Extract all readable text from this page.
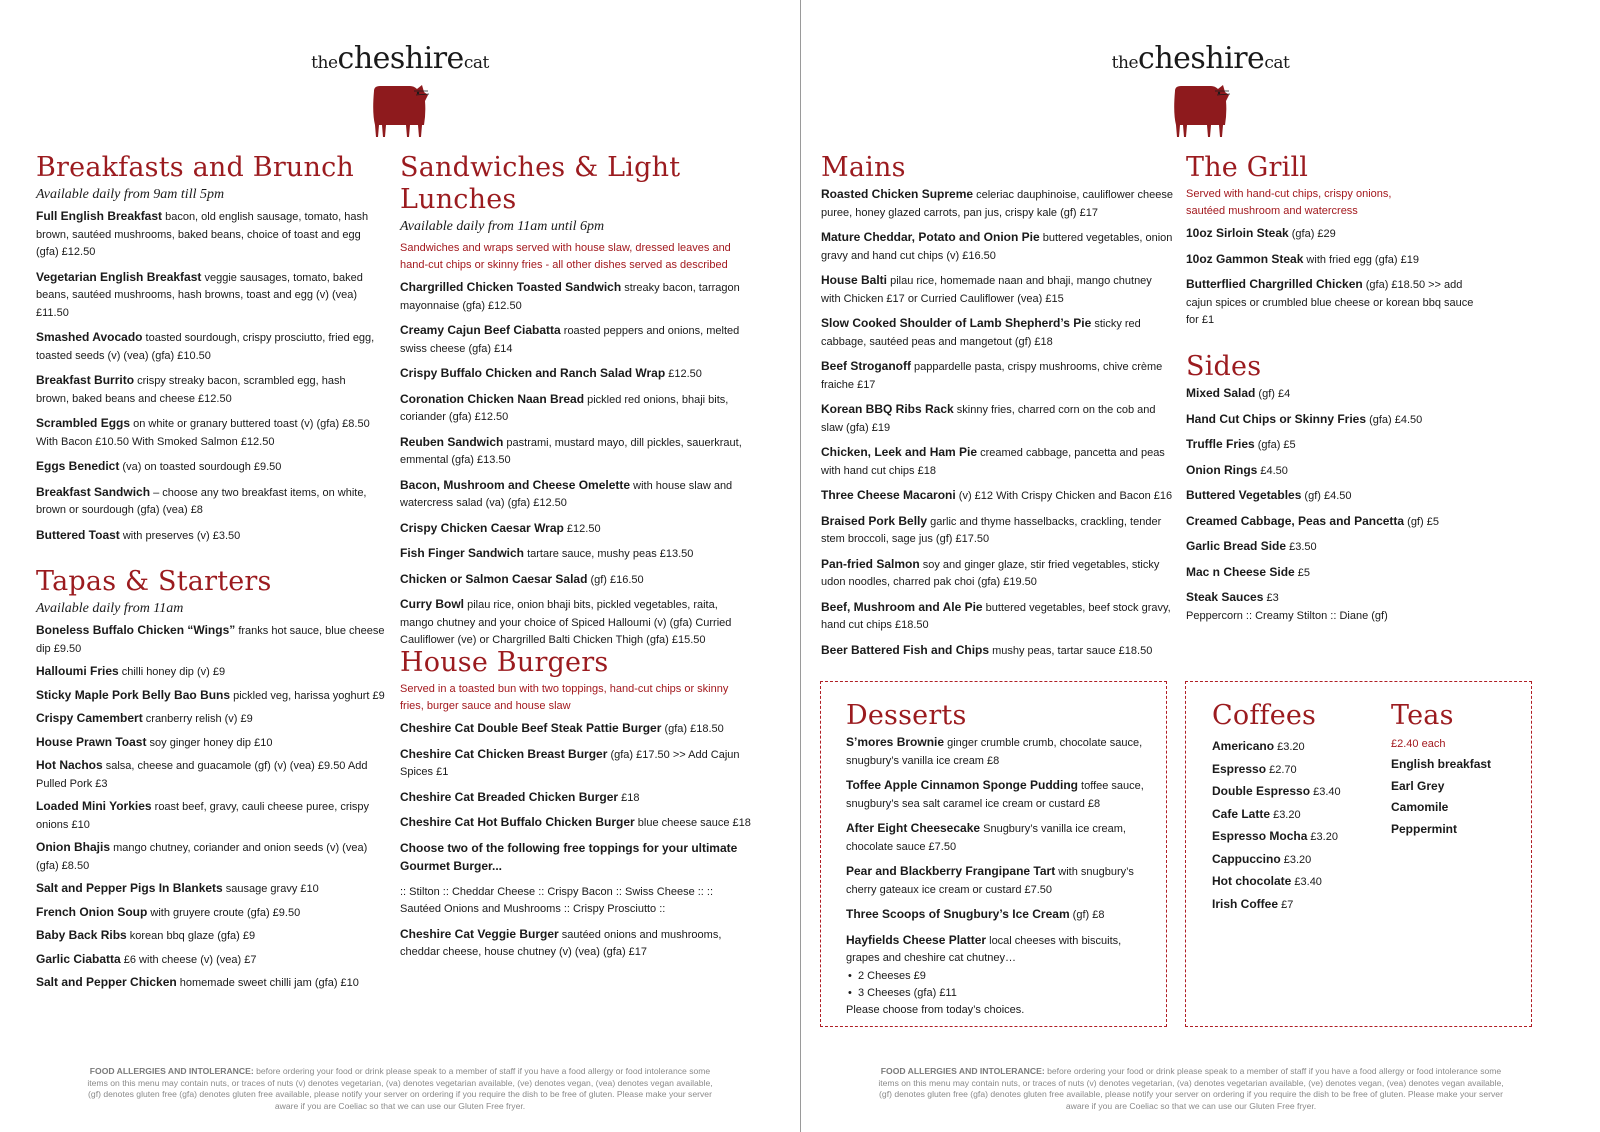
thecheshirecat
Breakfasts and Brunch
Available daily from 9am till 5pm
Full English Breakfast bacon, old english sausage, tomato, hash brown, sautéed mushrooms, baked beans, choice of toast and egg (gfa) £12.50
Vegetarian English Breakfast veggie sausages, tomato, baked beans, sautéed mushrooms, hash browns, toast and egg (v) (vea) £11.50
Smashed Avocado toasted sourdough, crispy prosciutto, fried egg, toasted seeds (v) (vea) (gfa) £10.50
Breakfast Burrito crispy streaky bacon, scrambled egg, hash brown, baked beans and cheese £12.50
Scrambled Eggs on white or granary buttered toast (v) (gfa) £8.50 With Bacon £10.50 With Smoked Salmon £12.50
Eggs Benedict (va) on toasted sourdough £9.50
Breakfast Sandwich – choose any two breakfast items, on white, brown or sourdough (gfa) (vea) £8
Buttered Toast with preserves (v) £3.50
Tapas & Starters
Available daily from 11am
Boneless Buffalo Chicken “Wings” franks hot sauce, blue cheese dip £9.50
Halloumi Fries chilli honey dip (v) £9
Sticky Maple Pork Belly Bao Buns pickled veg, harissa yoghurt £9
Crispy Camembert cranberry relish (v) £9
House Prawn Toast soy ginger honey dip £10
Hot Nachos salsa, cheese and guacamole (gf) (v) (vea) £9.50 Add Pulled Pork £3
Loaded Mini Yorkies roast beef, gravy, cauli cheese puree, crispy onions £10
Onion Bhajis mango chutney, coriander and onion seeds (v) (vea) (gfa) £8.50
Salt and Pepper Pigs In Blankets sausage gravy £10
French Onion Soup with gruyere croute (gfa) £9.50
Baby Back Ribs korean bbq glaze (gfa) £9
Garlic Ciabatta £6 with cheese (v) (vea) £7
Salt and Pepper Chicken homemade sweet chilli jam (gfa) £10
Sandwiches & Light Lunches
Available daily from 11am until 6pm
Sandwiches and wraps served with house slaw, dressed leaves and hand-cut chips or skinny fries - all other dishes served as described
Chargrilled Chicken Toasted Sandwich streaky bacon, tarragon mayonnaise (gfa) £12.50
Creamy Cajun Beef Ciabatta roasted peppers and onions, melted swiss cheese (gfa) £14
Crispy Buffalo Chicken and Ranch Salad Wrap £12.50
Coronation Chicken Naan Bread pickled red onions, bhaji bits, coriander (gfa) £12.50
Reuben Sandwich pastrami, mustard mayo, dill pickles, sauerkraut, emmental (gfa) £13.50
Bacon, Mushroom and Cheese Omelette with house slaw and watercress salad (va) (gfa) £12.50
Crispy Chicken Caesar Wrap £12.50
Fish Finger Sandwich tartare sauce, mushy peas £13.50
Chicken or Salmon Caesar Salad (gf) £16.50
Curry Bowl pilau rice, onion bhaji bits, pickled vegetables, raita, mango chutney and your choice of Spiced Halloumi (v) (gfa) Curried Cauliflower (ve) or Chargrilled Balti Chicken Thigh (gfa) £15.50
House Burgers
Served in a toasted bun with two toppings, hand-cut chips or skinny fries, burger sauce and house slaw
Cheshire Cat Double Beef Steak Pattie Burger (gfa) £18.50
Cheshire Cat Chicken Breast Burger (gfa) £17.50 >> Add Cajun Spices £1
Cheshire Cat Breaded Chicken Burger £18
Cheshire Cat Hot Buffalo Chicken Burger blue cheese sauce £18
Choose two of the following free toppings for your ultimate Gourmet Burger...
:: Stilton :: Cheddar Cheese :: Crispy Bacon :: Swiss Cheese :: :: Sautéed Onions and Mushrooms :: Crispy Prosciutto ::
Cheshire Cat Veggie Burger sautéed onions and mushrooms, cheddar cheese, house chutney (v) (vea) (gfa) £17
FOOD ALLERGIES AND INTOLERANCE: before ordering your food or drink please speak to a member of staff if you have a food allergy or food intolerance some items on this menu may contain nuts, or traces of nuts (v) denotes vegetarian, (va) denotes vegetarian available, (ve) denotes vegan, (vea) denotes vegan available, (gf) denotes gluten free (gfa) denotes gluten free available, please notify your server on ordering if you require the dish to be free of gluten. Please make your server aware if you are Coeliac so that we can use our Gluten Free fryer.
thecheshirecat
Mains
Roasted Chicken Supreme celeriac dauphinoise, cauliflower cheese puree, honey glazed carrots, pan jus, crispy kale (gf) £17
Mature Cheddar, Potato and Onion Pie buttered vegetables, onion gravy and hand cut chips (v) £16.50
House Balti pilau rice, homemade naan and bhaji, mango chutney with Chicken £17 or Curried Cauliflower (vea) £15
Slow Cooked Shoulder of Lamb Shepherd’s Pie sticky red cabbage, sautéed peas and mangetout (gf) £18
Beef Stroganoff pappardelle pasta, crispy mushrooms, chive crème fraiche £17
Korean BBQ Ribs Rack skinny fries, charred corn on the cob and slaw (gfa) £19
Chicken, Leek and Ham Pie creamed cabbage, pancetta and peas with hand cut chips £18
Three Cheese Macaroni (v) £12 With Crispy Chicken and Bacon £16
Braised Pork Belly garlic and thyme hasselbacks, crackling, tender stem broccoli, sage jus (gf) £17.50
Pan-fried Salmon soy and ginger glaze, stir fried vegetables, sticky udon noodles, charred pak choi (gfa) £19.50
Beef, Mushroom and Ale Pie buttered vegetables, beef stock gravy, hand cut chips £18.50
Beer Battered Fish and Chips mushy peas, tartar sauce £18.50
The Grill
Served with hand-cut chips, crispy onions, sautéed mushroom and watercress
10oz Sirloin Steak (gfa) £29
10oz Gammon Steak with fried egg (gfa) £19
Butterflied Chargrilled Chicken (gfa) £18.50 >> add cajun spices or crumbled blue cheese or korean bbq sauce for £1
Sides
Mixed Salad (gf) £4
Hand Cut Chips or Skinny Fries (gfa) £4.50
Truffle Fries (gfa) £5
Onion Rings £4.50
Buttered Vegetables (gf) £4.50
Creamed Cabbage, Peas and Pancetta (gf) £5
Garlic Bread Side £3.50
Mac n Cheese Side £5
Steak Sauces £3
Peppercorn :: Creamy Stilton :: Diane (gf)
Desserts
S’mores Brownie ginger crumble crumb, chocolate sauce, snugbury’s vanilla ice cream £8
Toffee Apple Cinnamon Sponge Pudding toffee sauce, snugbury’s sea salt caramel ice cream or custard £8
After Eight Cheesecake Snugbury’s vanilla ice cream, chocolate sauce £7.50
Pear and Blackberry Frangipane Tart with snugbury’s cherry gateaux ice cream or custard £7.50
Three Scoops of Snugbury’s Ice Cream (gf) £8
Hayfields Cheese Platter local cheeses with biscuits, grapes and cheshire cat chutney…
• 2 Cheeses £9
• 3 Cheeses (gfa) £11
Please choose from today’s choices.
Coffees
Americano £3.20
Espresso £2.70
Double Espresso £3.40
Cafe Latte £3.20
Espresso Mocha £3.20
Cappuccino £3.20
Hot chocolate £3.40
Irish Coffee £7
Teas
£2.40 each
English breakfast
Earl Grey
Camomile
Peppermint
FOOD ALLERGIES AND INTOLERANCE: before ordering your food or drink please speak to a member of staff if you have a food allergy or food intolerance some items on this menu may contain nuts, or traces of nuts (v) denotes vegetarian, (va) denotes vegetarian available, (ve) denotes vegan, (vea) denotes vegan available, (gf) denotes gluten free (gfa) denotes gluten free available, please notify your server on ordering if you require the dish to be free of gluten. Please make your server aware if you are Coeliac so that we can use our Gluten Free fryer.
